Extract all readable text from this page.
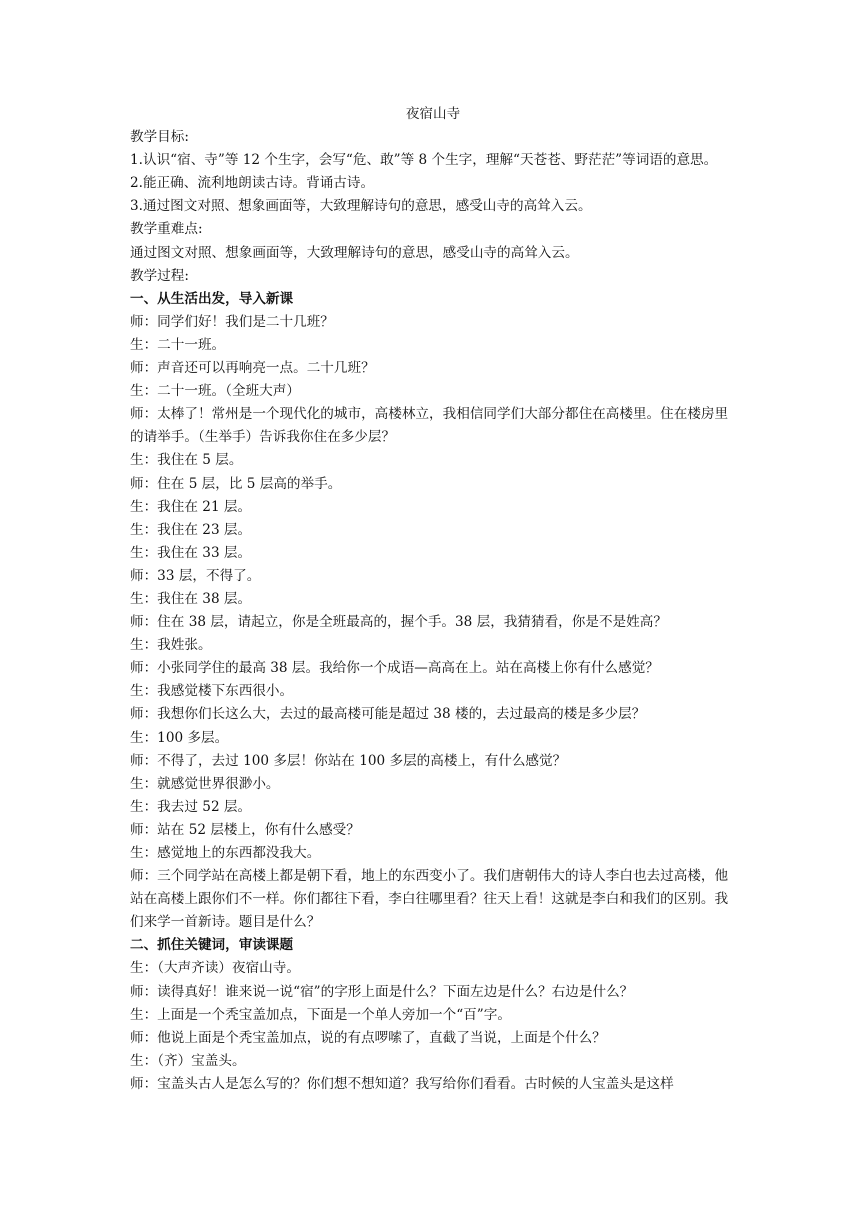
夜宿山寺

教学目标:

1.认识“宿、寺”等 12 个生字，会写“危、敢”等 8 个生字，理解“天苍苍、野茫茫”等词语的意思。

2.能正确、流利地朗读古诗。背诵古诗。

3.通过图文对照、想象画面等，大致理解诗句的意思，感受山寺的高耸入云。

教学重难点:

通过图文对照、想象画面等，大致理解诗句的意思，感受山寺的高耸入云。

教学过程:

一、从生活出发，导入新课

师：同学们好！我们是二十几班？

生：二十一班。

师：声音还可以再响亮一点。二十几班？

生：二十一班。（全班大声）

师：太棒了！常州是一个现代化的城市，高楼林立，我相信同学们大部分都住在高楼里。住在楼房里的请举手。（生举手）告诉我你住在多少层？

生：我住在 5 层。

师：住在 5 层，比 5 层高的举手。

生：我住在 21 层。

生：我住在 23 层。

生：我住在 33 层。

师：33 层，不得了。

生：我住在 38 层。

师：住在 38 层，请起立，你是全班最高的，握个手。38 层，我猜猜看，你是不是姓高？

生：我姓张。

师：小张同学住的最高 38 层。我给你一个成语—高高在上。站在高楼上你有什么感觉？

生：我感觉楼下东西很小。

师：我想你们长这么大，去过的最高楼可能是超过 38 楼的，去过最高的楼是多少层？

生：100 多层。

师：不得了，去过 100 多层！你站在 100 多层的高楼上，有什么感觉？

生：就感觉世界很渺小。

生：我去过 52 层。

师：站在 52 层楼上，你有什么感受？

生：感觉地上的东西都没我大。

师：三个同学站在高楼上都是朝下看，地上的东西变小了。我们唐朝伟大的诗人李白也去过高楼，他站在高楼上跟你们不一样。你们都往下看，李白往哪里看？往天上看！这就是李白和我们的区别。我们来学一首新诗。题目是什么？

二、抓住关键词，审读课题

生：（大声齐读）夜宿山寺。

师：读得真好！谁来说一说“宿”的字形上面是什么？下面左边是什么？右边是什么？

生：上面是一个秃宝盖加点，下面是一个单人旁加一个“百”字。

师：他说上面是个秃宝盖加点，说的有点啰嗦了，直截了当说，上面是个什么？

生：（齐）宝盖头。

师：宝盖头古人是怎么写的？你们想不想知道？我写给你们看看。古时候的人宝盖头是这样
